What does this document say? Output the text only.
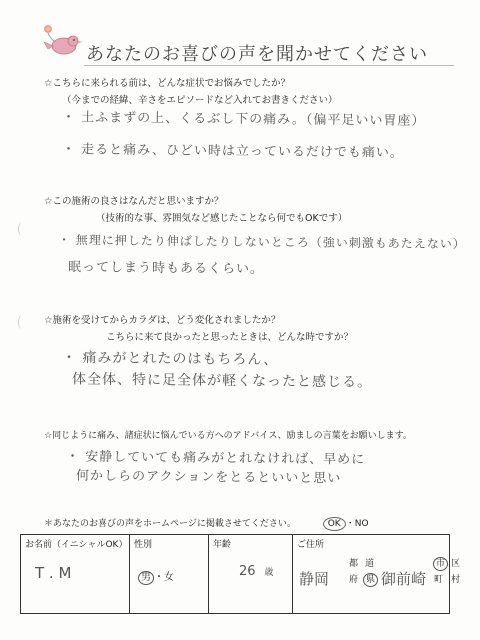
あなたのお喜びの声を聞かせてください
☆こちらに来られる前は、どんな症状でお悩みでしたか？
（今までの経緯、辛さをエピソードなど入れてお書きください）
・ 土ふまずの上、くるぶし下の痛み。（偏平足いい胃座）
・ 走ると痛み、ひどい時は立っているだけでも痛い。
☆この施術の良さはなんだと思いますか？
（技術的な事、雰囲気など感じたことなら何でもOKです）
・ 無理に押したり伸ばしたりしないところ（強い刺激もあたえない）
眠ってしまう時もあるくらい。
☆施術を受けてからカラダは、どう変化されましたか？
こちらに来て良かったと思ったときは、どんな時ですか？
・ 痛みがとれたのはもちろん、
体全体、特に足全体が軽くなったと感じる。
☆同じように痛み、諸症状に悩んでいる方へのアドバイス、励ましの言葉をお願いします。
・ 安静していても痛みがとれなければ、早めに
何かしらのアクションをとるといいと思い
＊あなたのお喜びの声をホームページに掲載させてください。	OK ・NO
お名前（イニシャルOK）
T . M

性別
男 ・女

年齢
26 歳

ご住所
静岡
都 道
府 県 御前崎
市 区
町 村
